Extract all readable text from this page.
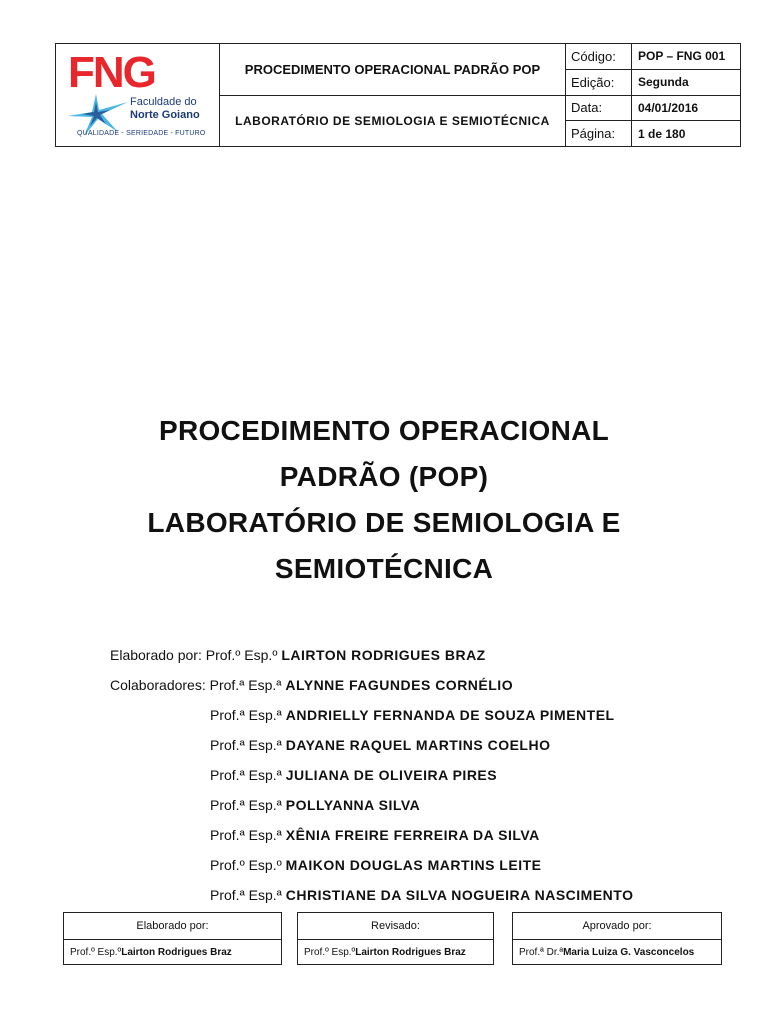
FNG
Faculdade do
Norte Goiano
QUALIDADE - SERIEDADE - FUTURO
PROCEDIMENTO OPERACIONAL PADRÃO POP
LABORATÓRIO DE SEMIOLOGIA E SEMIOTÉCNICA
Código:	POP – FNG 001
Edição:	Segunda
Data:	04/01/2016
Página:	1 de 180
PROCEDIMENTO OPERACIONAL
PADRÃO (POP)
LABORATÓRIO DE SEMIOLOGIA E
SEMIOTÉCNICA
Elaborado por: Prof.º Esp.º LAIRTON RODRIGUES BRAZ
Colaboradores: Prof.ª Esp.ª ALYNNE FAGUNDES CORNÉLIO
Prof.ª Esp.ª ANDRIELLY FERNANDA DE SOUZA PIMENTEL
Prof.ª Esp.ª DAYANE RAQUEL MARTINS COELHO
Prof.ª Esp.ª JULIANA DE OLIVEIRA PIRES
Prof.ª Esp.ª POLLYANNA SILVA
Prof.ª Esp.ª XÊNIA FREIRE FERREIRA DA SILVA
Prof.º Esp.º MAIKON DOUGLAS MARTINS LEITE
Prof.ª Esp.ª CHRISTIANE DA SILVA NOGUEIRA NASCIMENTO
Elaborado por:
Prof.º Esp.º Lairton Rodrigues Braz
Revisado:
Prof.º Esp.º Lairton Rodrigues Braz
Aprovado por:
Prof.ª Dr.ª Maria Luiza G. Vasconcelos
